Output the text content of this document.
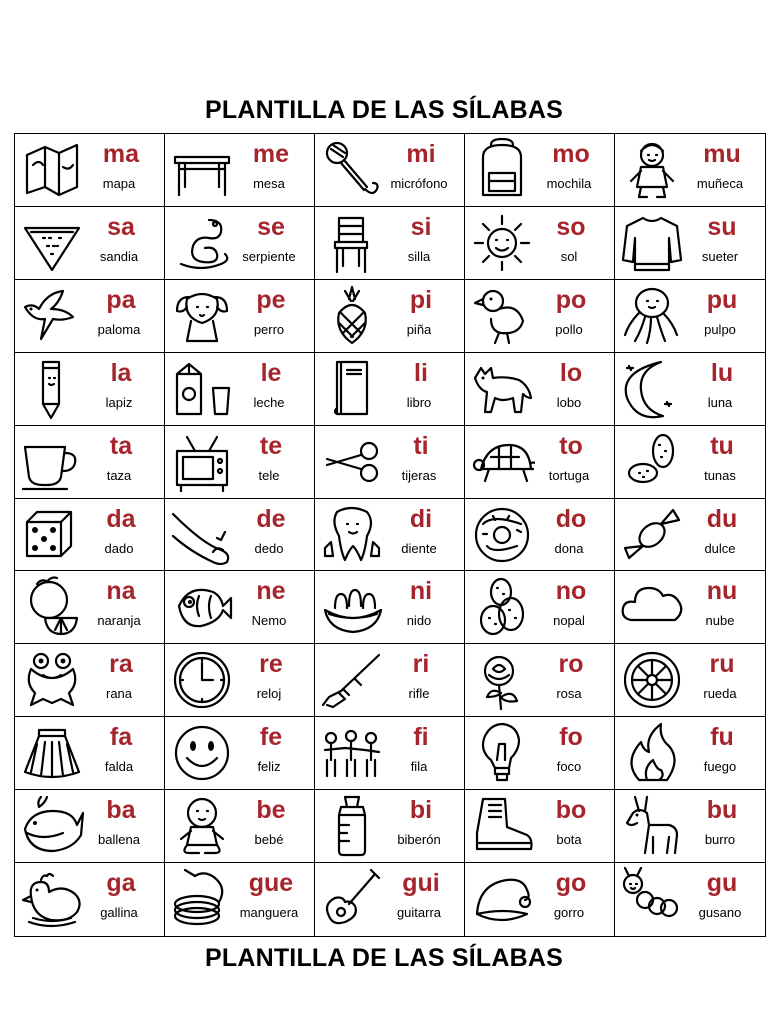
PLANTILLA DE LAS SÍLABAS
ma
mapa
me
mesa
mi
micrófono
mo
mochila
mu
muñeca
sa
sandia
se
serpiente
si
silla
so
sol
su
sueter
pa
paloma
pe
perro
pi
piña
po
pollo
pu
pulpo
la
lapiz
le
leche
li
libro
lo
lobo
lu
luna
ta
taza
te
tele
ti
tijeras
to
tortuga
tu
tunas
da
dado
de
dedo
di
diente
do
dona
du
dulce
na
naranja
ne
Nemo
ni
nido
no
nopal
nu
nube
ra
rana
re
reloj
ri
rifle
ro
rosa
ru
rueda
fa
falda
fe
feliz
fi
fila
fo
foco
fu
fuego
ba
ballena
be
bebé
bi
biberón
bo
bota
bu
burro
ga
gallina
gue
manguera
gui
guitarra
go
gorro
gu
gusano
PLANTILLA DE LAS SÍLABAS
